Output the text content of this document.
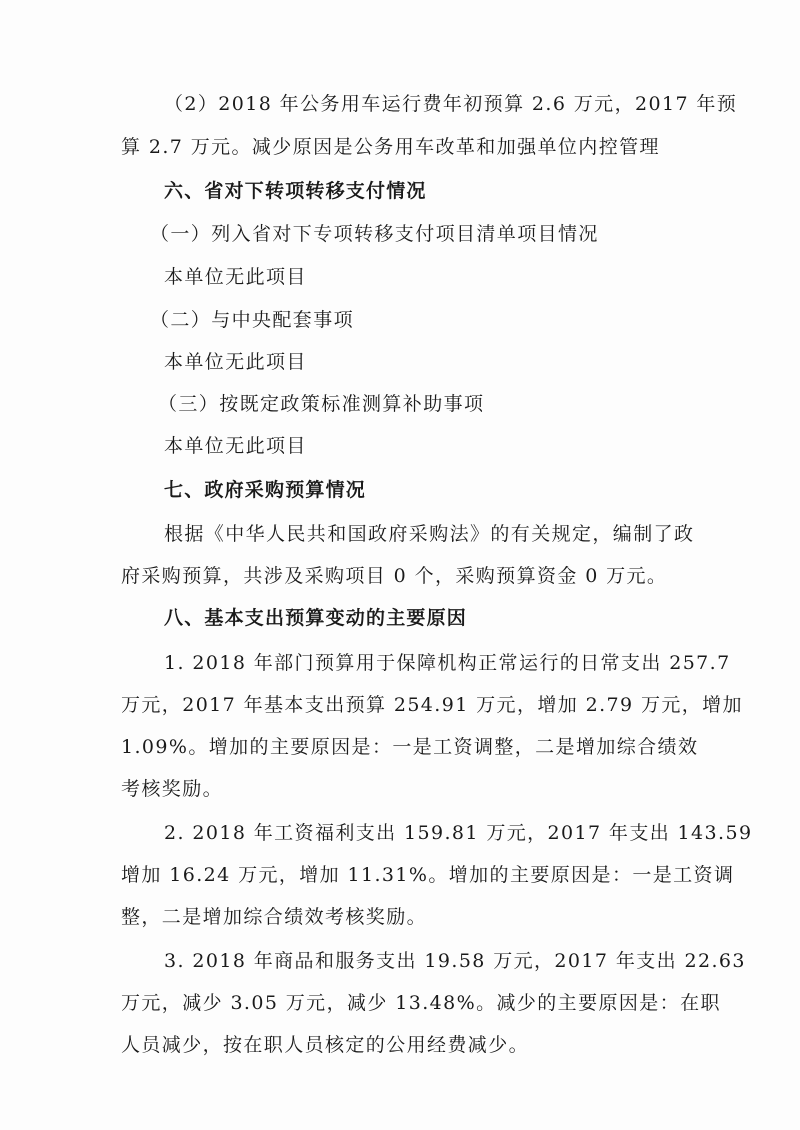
（2）2018 年公务用车运行费年初预算 2.6 万元，2017 年预
算 2.7 万元。减少原因是公务用车改革和加强单位内控管理
六、省对下转项转移支付情况
（一）列入省对下专项转移支付项目清单项目情况
本单位无此项目
（二）与中央配套事项
本单位无此项目
（三）按既定政策标准测算补助事项
本单位无此项目
七、政府采购预算情况
根据《中华人民共和国政府采购法》的有关规定，编制了政
府采购预算，共涉及采购项目 0 个，采购预算资金 0 万元。
八、基本支出预算变动的主要原因
1. 2018 年部门预算用于保障机构正常运行的日常支出 257.7
万元，2017 年基本支出预算 254.91 万元，增加 2.79 万元，增加
1.09%。增加的主要原因是：一是工资调整，二是增加综合绩效
考核奖励。
2. 2018 年工资福利支出 159.81 万元，2017 年支出 143.59
增加 16.24 万元，增加 11.31%。增加的主要原因是：一是工资调
整，二是增加综合绩效考核奖励。
3. 2018 年商品和服务支出 19.58 万元，2017 年支出 22.63
万元，减少 3.05 万元，减少 13.48%。减少的主要原因是：在职
人员减少，按在职人员核定的公用经费减少。
